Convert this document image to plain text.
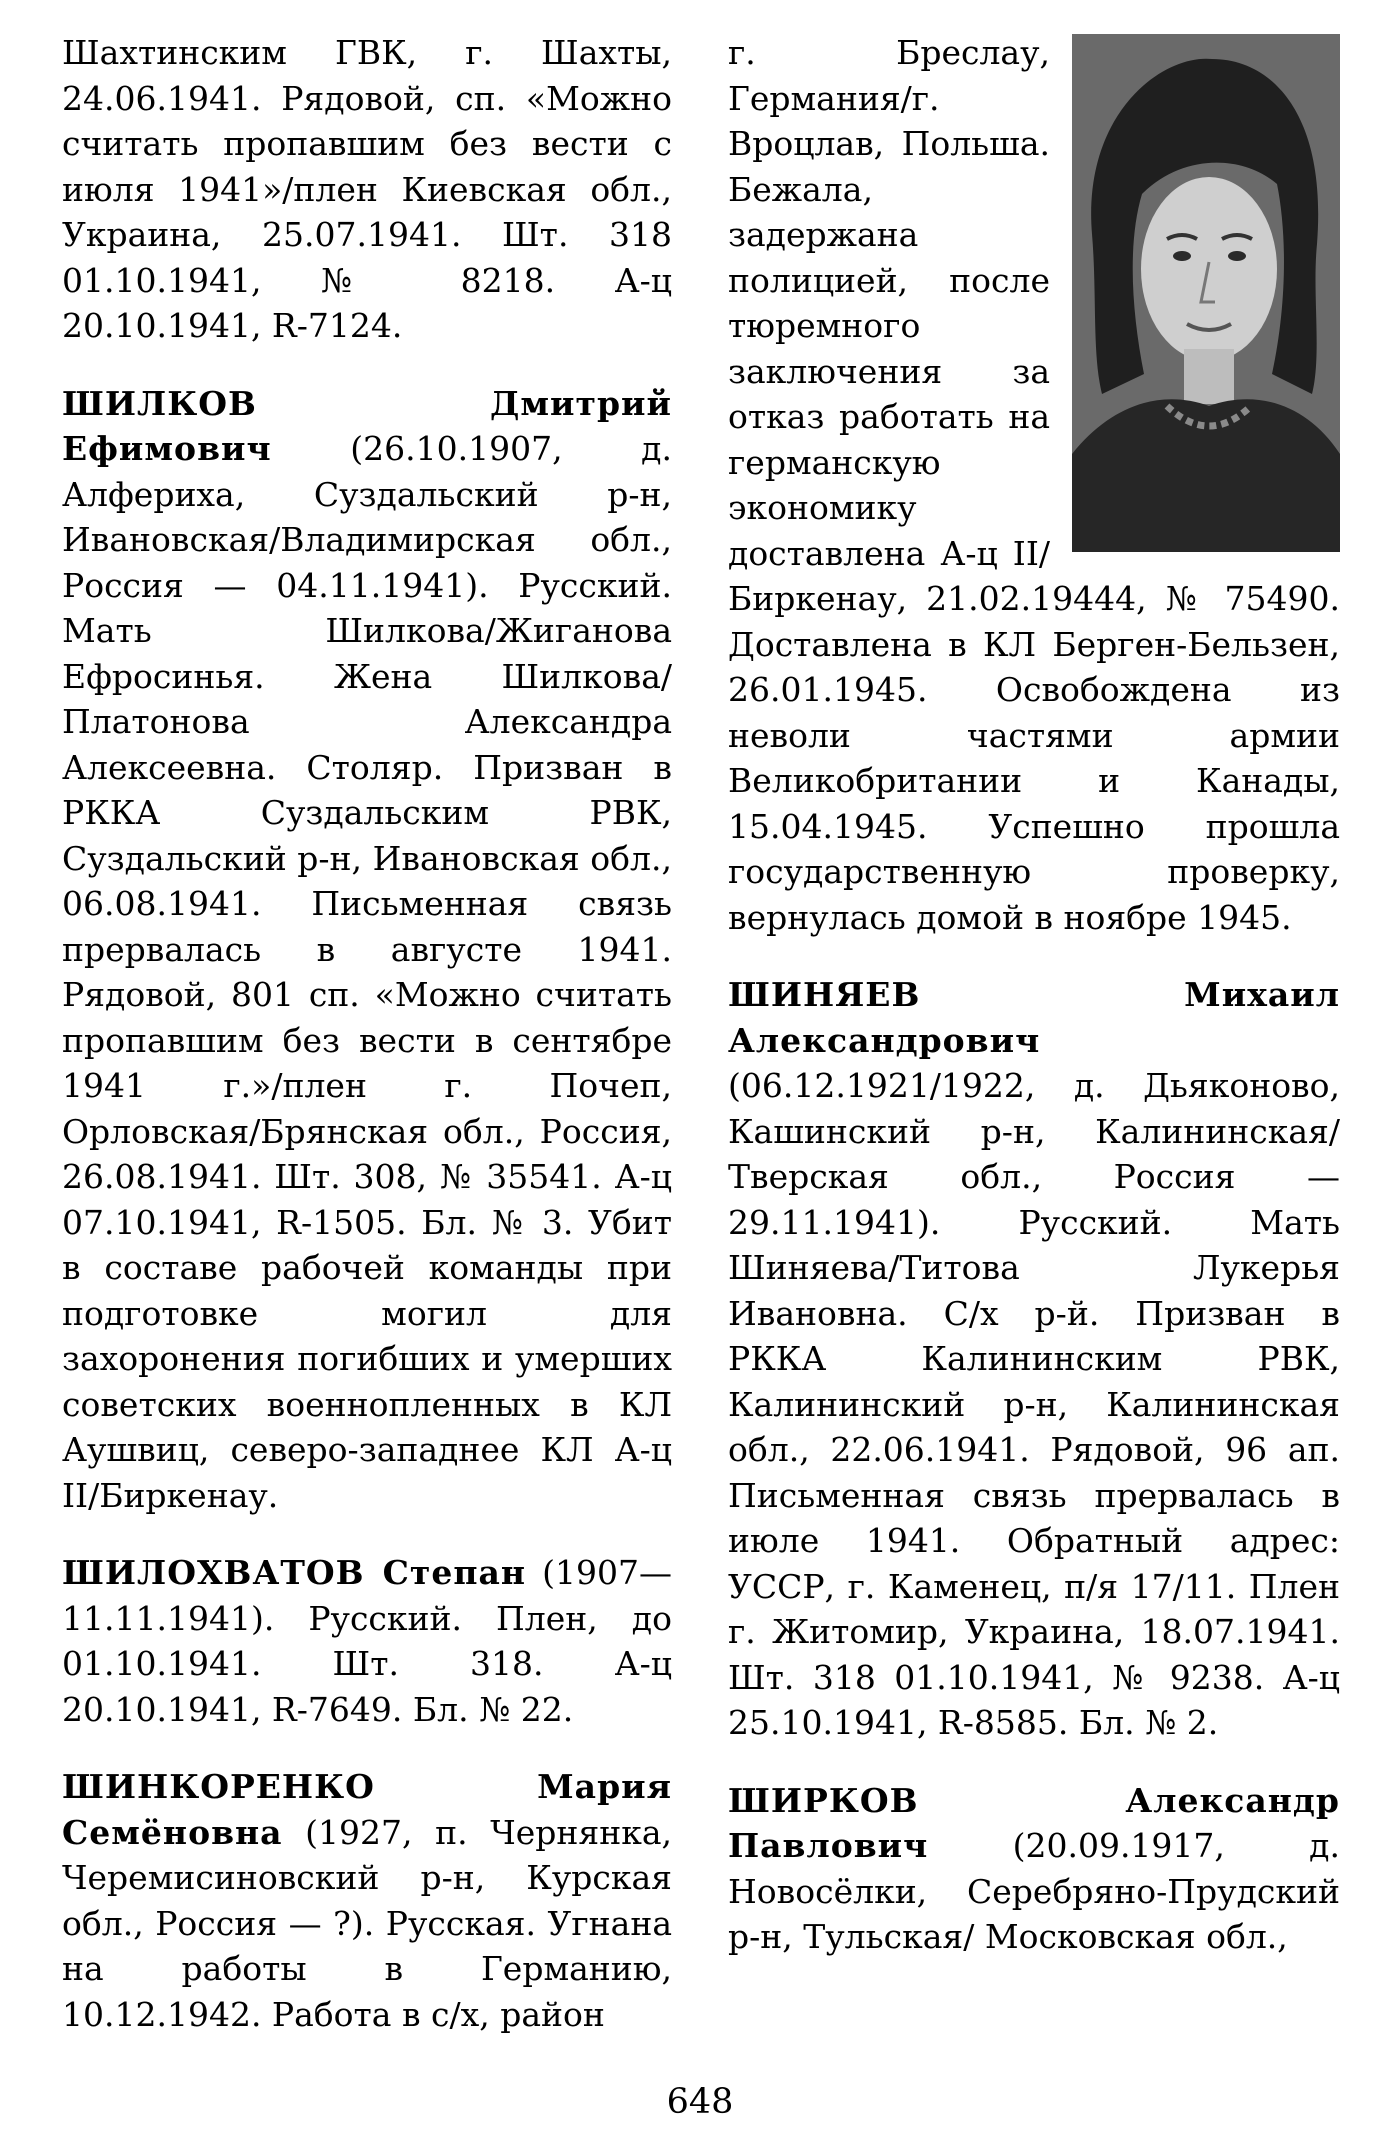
Шахтинским ГВК, г. Шахты, 24.06.1941. Рядовой, сп. «Можно считать пропавшим без вести с июля 1941»/плен Киевская обл., Украина, 25.07.1941. Шт. 318 01.10.1941, № 8218. А-ц 20.10.1941, R-7124.

ШИЛКОВ Дмитрий Ефимович (26.10.1907, д. Алфериха, Суздальский р-н, Ивановская/Владимирская обл., Россия — 04.11.1941). Русский. Мать Шилкова/Жиганова Ефросинья. Жена Шилкова/Платонова Александра Алексеевна. Столяр. Призван в РККА Суздальским РВК, Суздальский р-н, Ивановская обл., 06.08.1941. Письменная связь прервалась в августе 1941. Рядовой, 801 сп. «Можно считать пропавшим без вести в сентябре 1941 г.»/плен г. Почеп, Орловская/Брянская обл., Россия, 26.08.1941. Шт. 308, № 35541. А-ц 07.10.1941, R-1505. Бл. № 3. Убит в составе рабочей команды при подготовке могил для захоронения погибших и умерших советских военнопленных в КЛ Аушвиц, северо-западнее КЛ А-ц II/Биркенау.

ШИЛОХВАТОВ Степан (1907—11.11.1941). Русский. Плен, до 01.10.1941. Шт. 318. А-ц 20.10.1941, R-7649. Бл. № 22.

ШИНКОРЕНКО Мария Семёновна (1927, п. Чернянка, Черемисиновский р-н, Курская обл., Россия — ?). Русская. Угнана на работы в Германию, 10.12.1942. Работа в с/х, район

г. Бреслау, Германия/г. Вроцлав, Польша. Бежала, задержана полицией, после тюремного заключения за отказ работать на германскую экономику доставлена А-ц II/Биркенау, 21.02.19444, № 75490. Доставлена в КЛ Берген-Бельзен, 26.01.1945. Освобождена из неволи частями армии Великобритании и Канады, 15.04.1945. Успешно прошла государственную проверку, вернулась домой в ноябре 1945.

ШИНЯЕВ Михаил Александрович (06.12.1921/1922, д. Дьяконово, Кашинский р-н, Калининская/Тверская обл., Россия — 29.11.1941). Русский. Мать Шиняева/Титова Лукерья Ивановна. С/х р-й. Призван в РККА Калининским РВК, Калининский р-н, Калининская обл., 22.06.1941. Рядовой, 96 ап. Письменная связь прервалась в июле 1941. Обратный адрес: УССР, г. Каменец, п/я 17/11. Плен г. Житомир, Украина, 18.07.1941. Шт. 318 01.10.1941, № 9238. А-ц 25.10.1941, R-8585. Бл. № 2.

ШИРКОВ Александр Павлович (20.09.1917, д. Новосёлки, Серебряно-Прудский р-н, Тульская/ Московская обл.,

648
